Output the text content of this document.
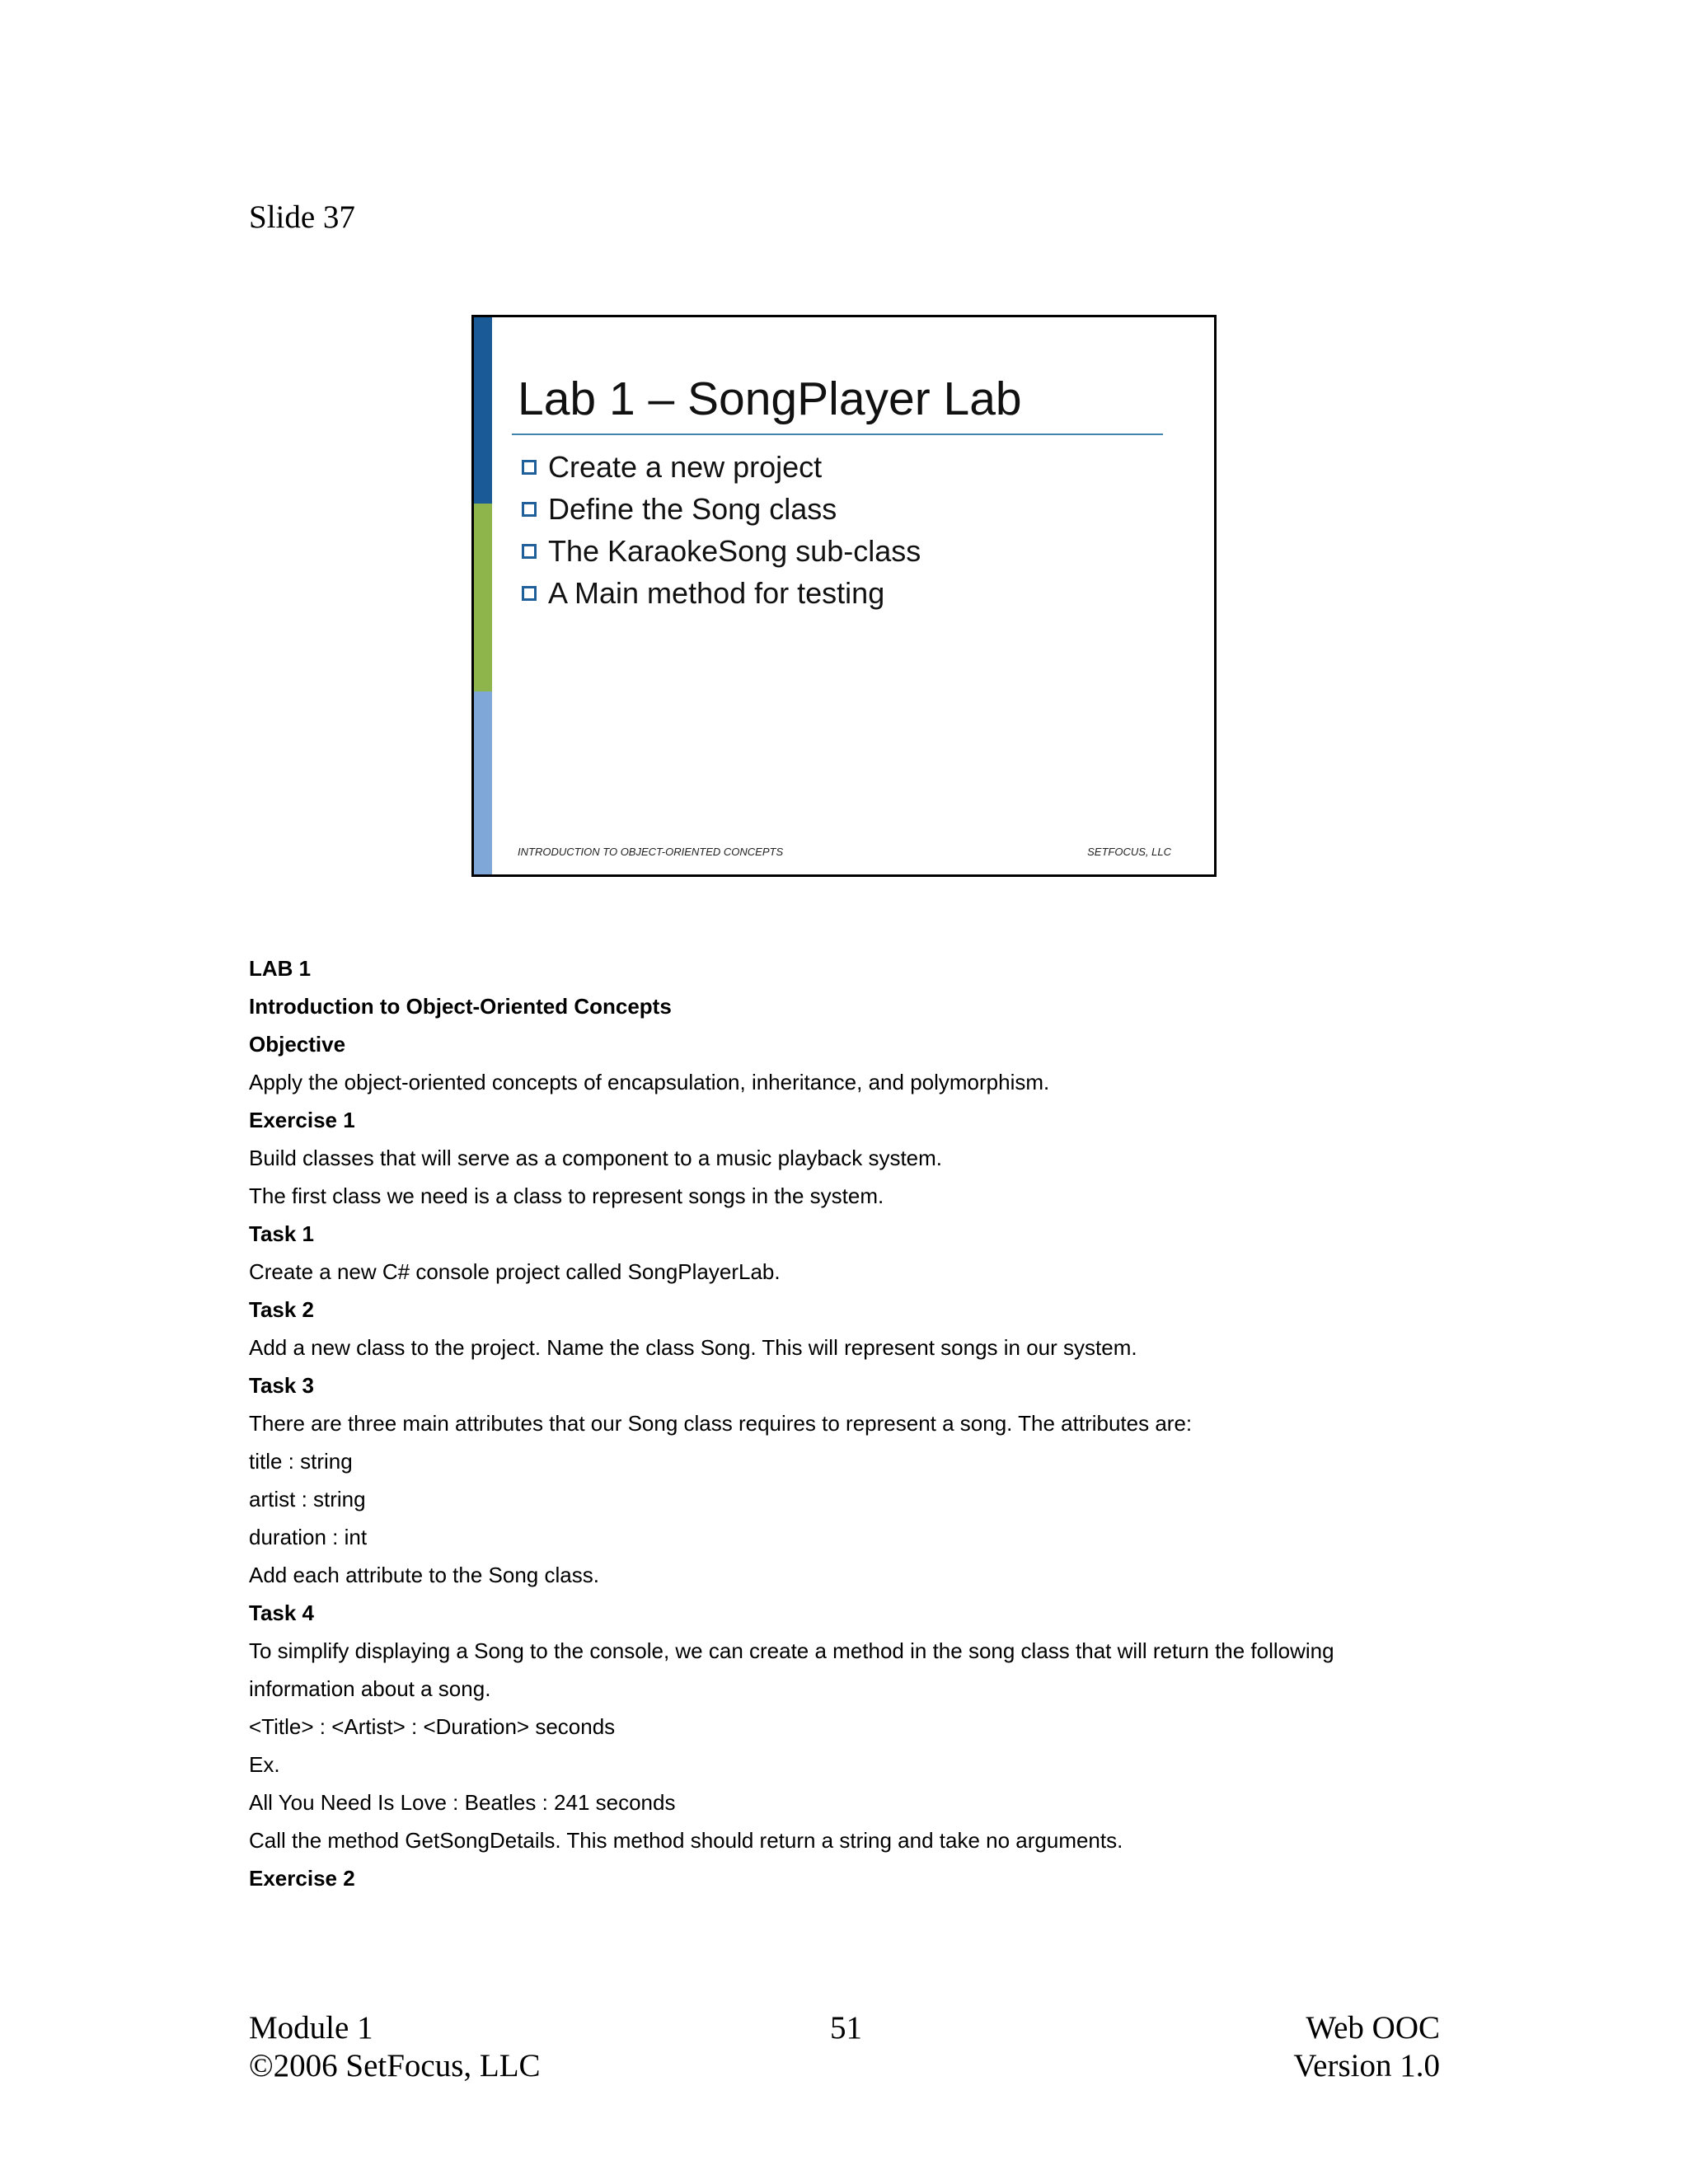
Slide 37
Lab 1 – SongPlayer Lab
Create a new project
Define the Song class
The KaraokeSong sub-class
A Main method for testing
INTRODUCTION TO OBJECT-ORIENTED CONCEPTS	SETFOCUS, LLC
LAB 1
Introduction to Object-Oriented Concepts
Objective
Apply the object-oriented concepts of encapsulation, inheritance, and polymorphism.
Exercise 1
Build classes that will serve as a component to a music playback system.
The first class we need is a class to represent songs in the system.
Task 1
Create a new C# console project called SongPlayerLab.
Task 2
Add a new class to the project. Name the class Song. This will represent songs in our system.
Task 3
There are three main attributes that our Song class requires to represent a song. The attributes are:
title : string
artist : string
duration : int
Add each attribute to the Song class.
Task 4
To simplify displaying a Song to the console, we can create a method in the song class that will return the following
information about a song.
<Title> : <Artist> : <Duration> seconds
Ex.
All You Need Is Love : Beatles : 241 seconds
Call the method GetSongDetails. This method should return a string and take no arguments.
Exercise 2
Module 1
©2006 SetFocus, LLC
51	Web OOC
Version 1.0
